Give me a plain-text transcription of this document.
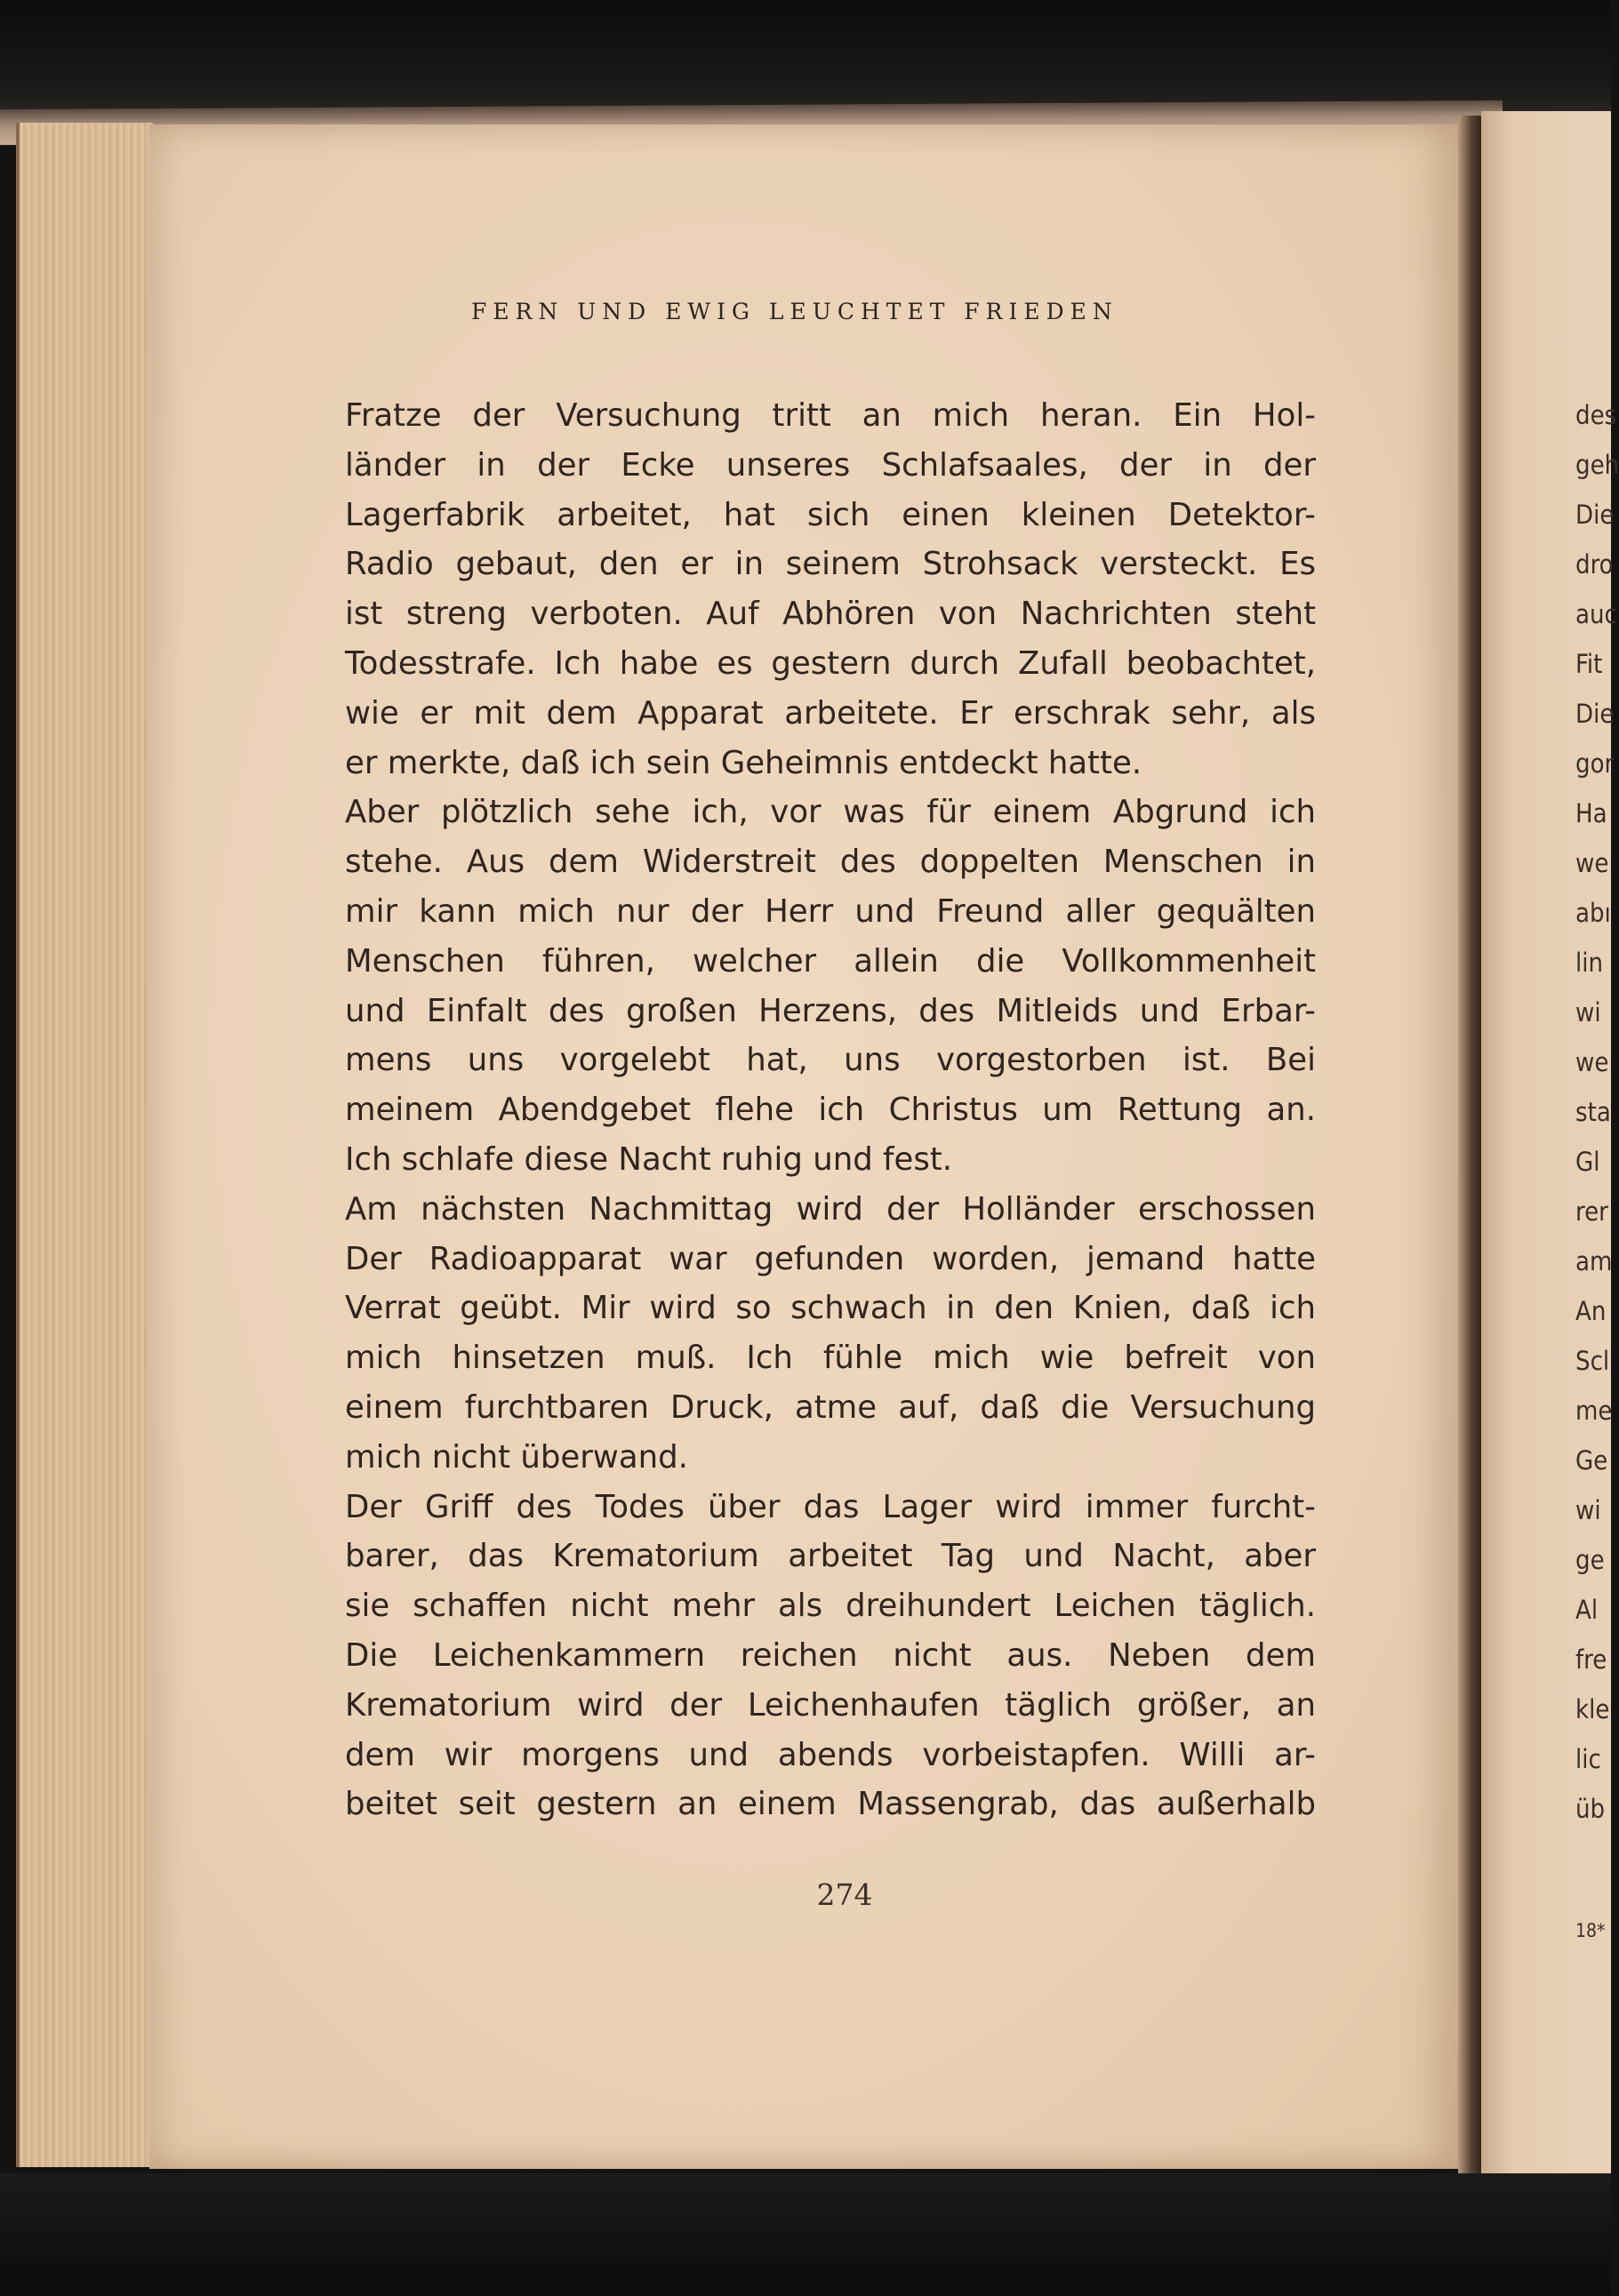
FERN UND EWIG LEUCHTET FRIEDEN
Fratze der Versuchung tritt an mich heran. Ein Hol-
länder in der Ecke unseres Schlafsaales, der in der
Lagerfabrik arbeitet, hat sich einen kleinen Detektor-
Radio gebaut, den er in seinem Strohsack versteckt. Es
ist streng verboten. Auf Abhören von Nachrichten steht
Todesstrafe. Ich habe es gestern durch Zufall beobachtet,
wie er mit dem Apparat arbeitete. Er erschrak sehr, als
er merkte, daß ich sein Geheimnis entdeckt hatte.
Aber plötzlich sehe ich, vor was für einem Abgrund ich
stehe. Aus dem Widerstreit des doppelten Menschen in
mir kann mich nur der Herr und Freund aller gequälten
Menschen führen, welcher allein die Vollkommenheit
und Einfalt des großen Herzens, des Mitleids und Erbar-
mens uns vorgelebt hat, uns vorgestorben ist. Bei
meinem Abendgebet flehe ich Christus um Rettung an.
Ich schlafe diese Nacht ruhig und fest.
Am nächsten Nachmittag wird der Holländer erschossen
Der Radioapparat war gefunden worden, jemand hatte
Verrat geübt. Mir wird so schwach in den Knien, daß ich
mich hinsetzen muß. Ich fühle mich wie befreit von
einem furchtbaren Druck, atme auf, daß die Versuchung
mich nicht überwand.
Der Griff des Todes über das Lager wird immer furcht-
barer, das Krematorium arbeitet Tag und Nacht, aber
sie schaffen nicht mehr als dreihundert Leichen täglich.
Die Leichenkammern reichen nicht aus. Neben dem
Krematorium wird der Leichenhaufen täglich größer, an
dem wir morgens und abends vorbeistapfen. Willi ar-
beitet seit gestern an einem Massengrab, das außerhalb
274
des
geh
Die
dro
auc
Fit
Die
gor
Ha
we
abı
lin
wi
we
sta
Gl
rer
am
An
Scl
me
Ge
wi
ge
Al
fre
kle
lic
üb
18*
